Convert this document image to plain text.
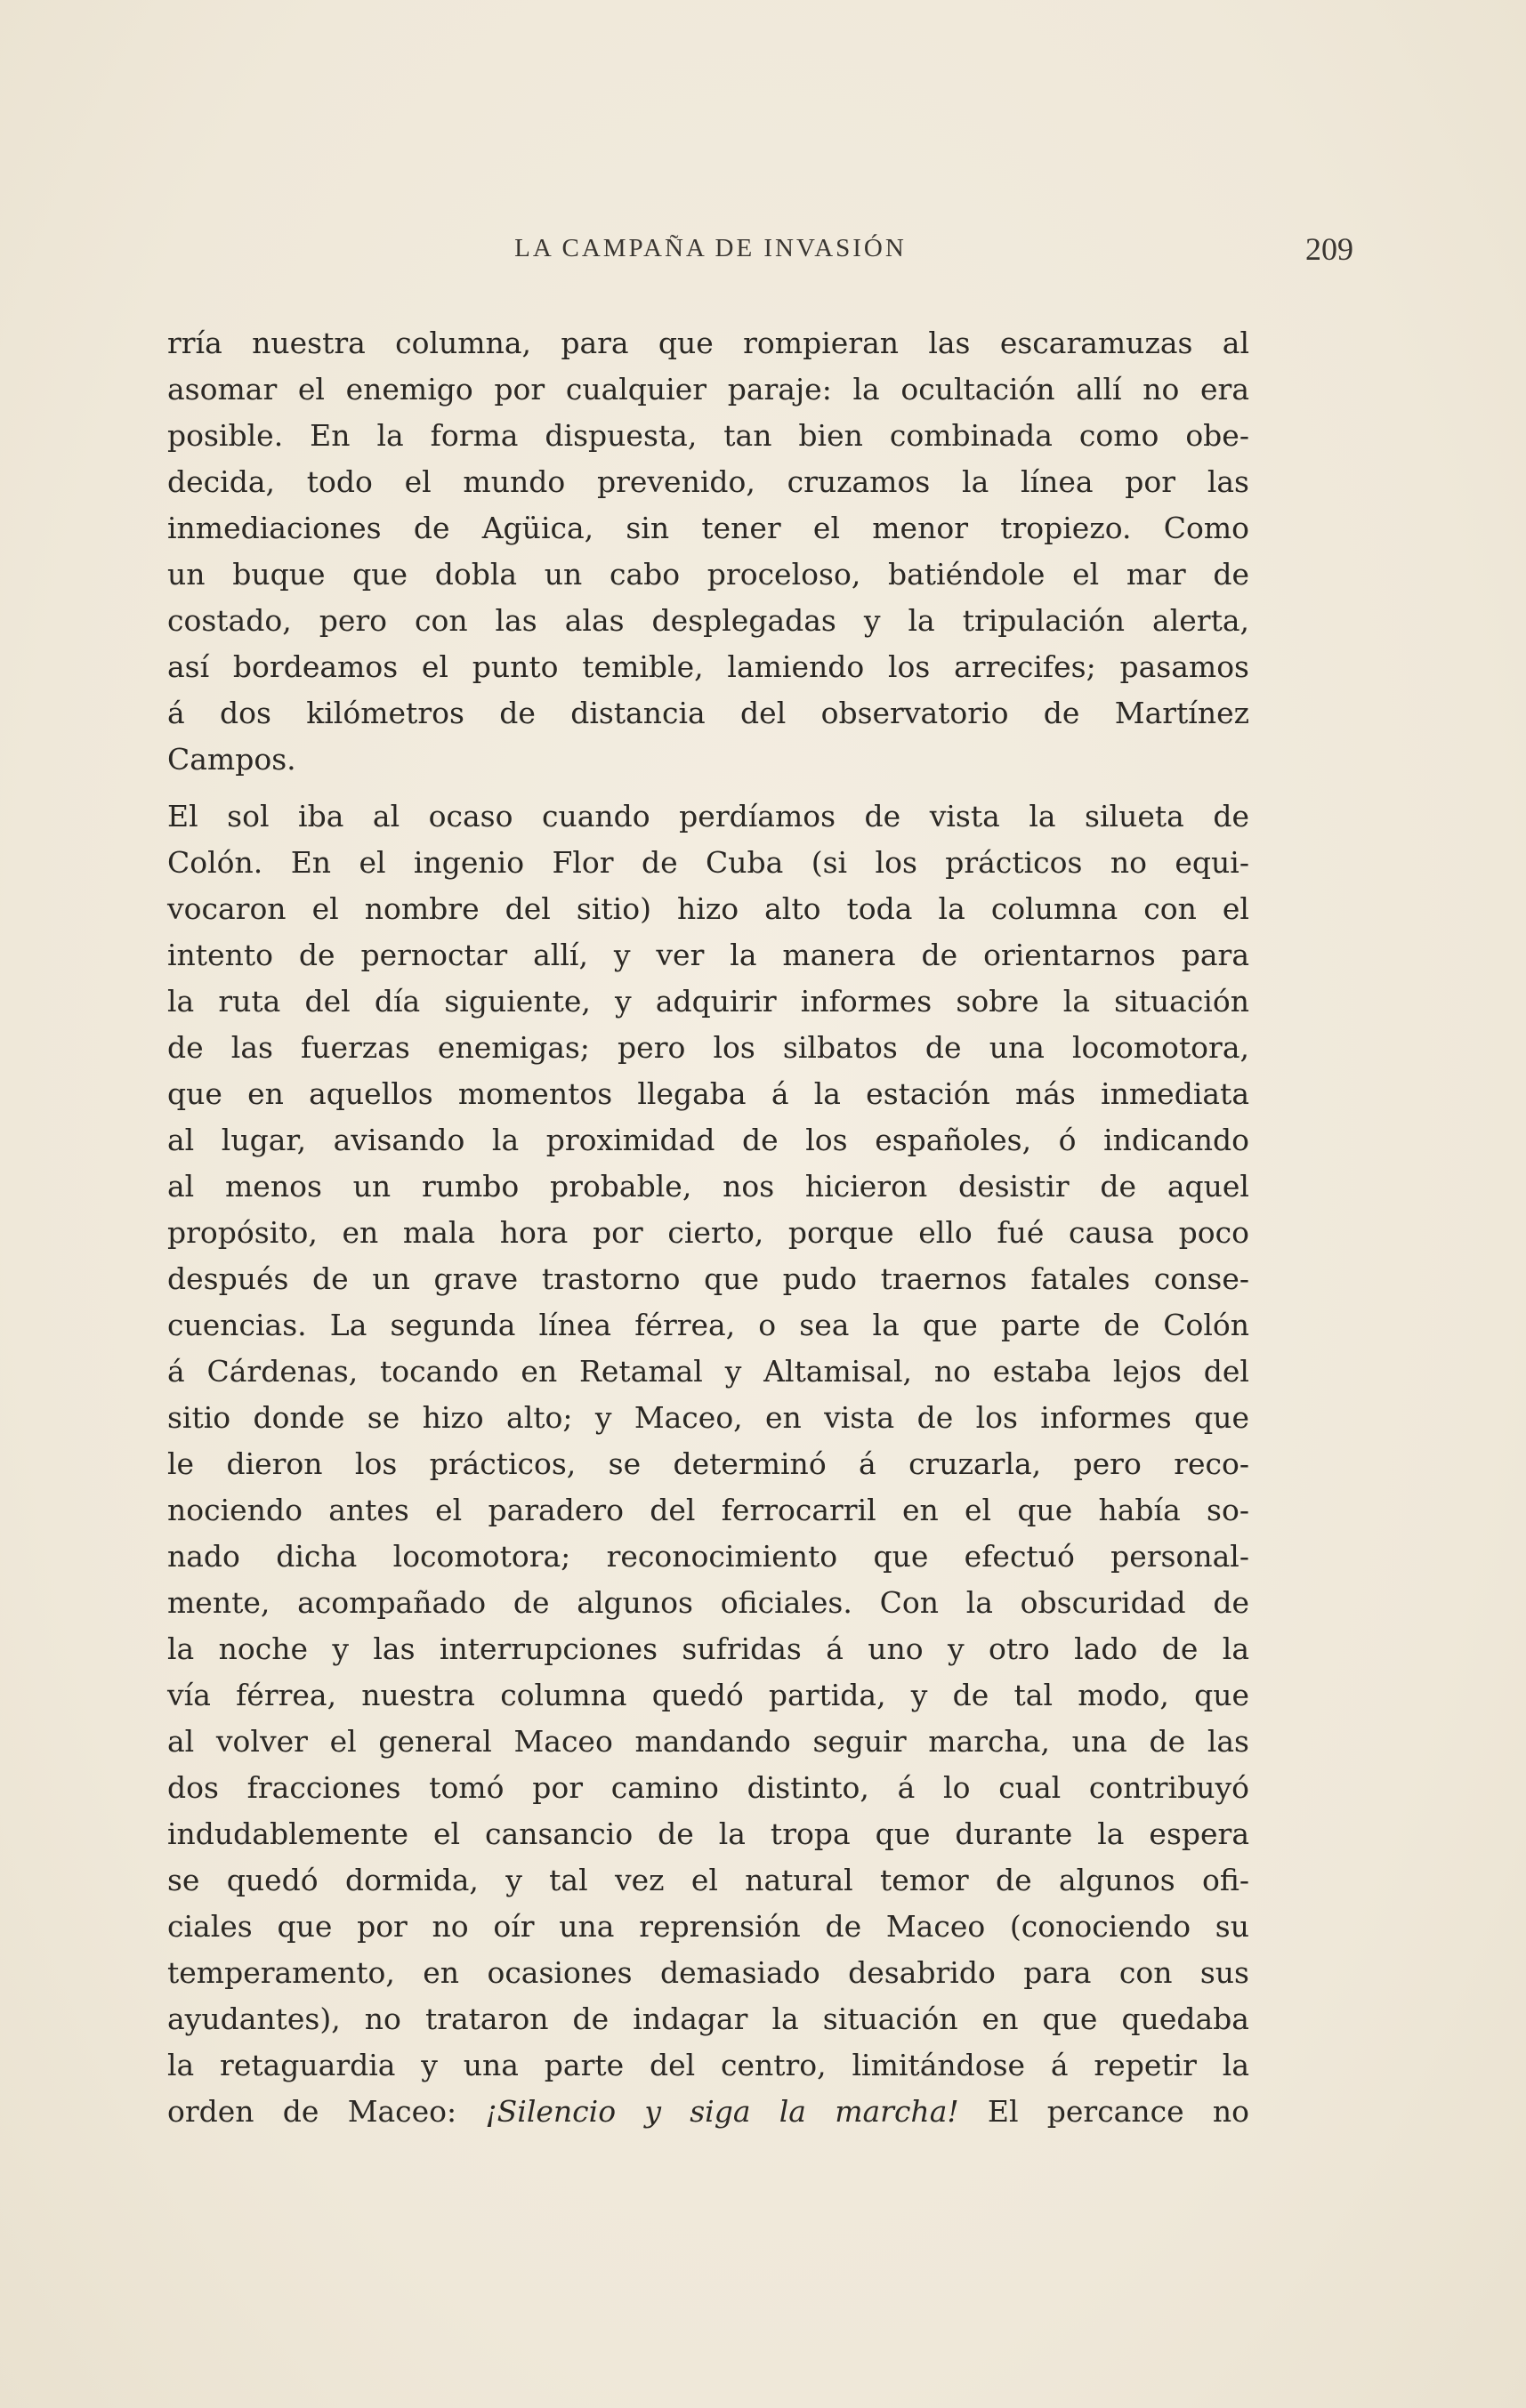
LA CAMPAÑA DE INVASIÓN	209
rría nuestra columna, para que rompieran las escaramuzas al
asomar el enemigo por cualquier paraje: la ocultación allí no era
posible. En la forma dispuesta, tan bien combinada como obe-
decida, todo el mundo prevenido, cruzamos la línea por las
inmediaciones de Agüica, sin tener el menor tropiezo. Como
un buque que dobla un cabo proceloso, batiéndole el mar de
costado, pero con las alas desplegadas y la tripulación alerta,
así bordeamos el punto temible, lamiendo los arrecifes; pasamos
á dos kilómetros de distancia del observatorio de Martínez
Campos.
El sol iba al ocaso cuando perdíamos de vista la silueta de
Colón. En el ingenio Flor de Cuba (si los prácticos no equi-
vocaron el nombre del sitio) hizo alto toda la columna con el
intento de pernoctar allí, y ver la manera de orientarnos para
la ruta del día siguiente, y adquirir informes sobre la situación
de las fuerzas enemigas; pero los silbatos de una locomotora,
que en aquellos momentos llegaba á la estación más inmediata
al lugar, avisando la proximidad de los españoles, ó indicando
al menos un rumbo probable, nos hicieron desistir de aquel
propósito, en mala hora por cierto, porque ello fué causa poco
después de un grave trastorno que pudo traernos fatales conse-
cuencias. La segunda línea férrea, o sea la que parte de Colón
á Cárdenas, tocando en Retamal y Altamisal, no estaba lejos del
sitio donde se hizo alto; y Maceo, en vista de los informes que
le dieron los prácticos, se determinó á cruzarla, pero reco-
nociendo antes el paradero del ferrocarril en el que había so-
nado dicha locomotora; reconocimiento que efectuó personal-
mente, acompañado de algunos oficiales. Con la obscuridad de
la noche y las interrupciones sufridas á uno y otro lado de la
vía férrea, nuestra columna quedó partida, y de tal modo, que
al volver el general Maceo mandando seguir marcha, una de las
dos fracciones tomó por camino distinto, á lo cual contribuyó
indudablemente el cansancio de la tropa que durante la espera
se quedó dormida, y tal vez el natural temor de algunos ofi-
ciales que por no oír una reprensión de Maceo (conociendo su
temperamento, en ocasiones demasiado desabrido para con sus
ayudantes), no trataron de indagar la situación en que quedaba
la retaguardia y una parte del centro, limitándose á repetir la
orden de Maceo: ¡Silencio y siga la marcha! El percance no
